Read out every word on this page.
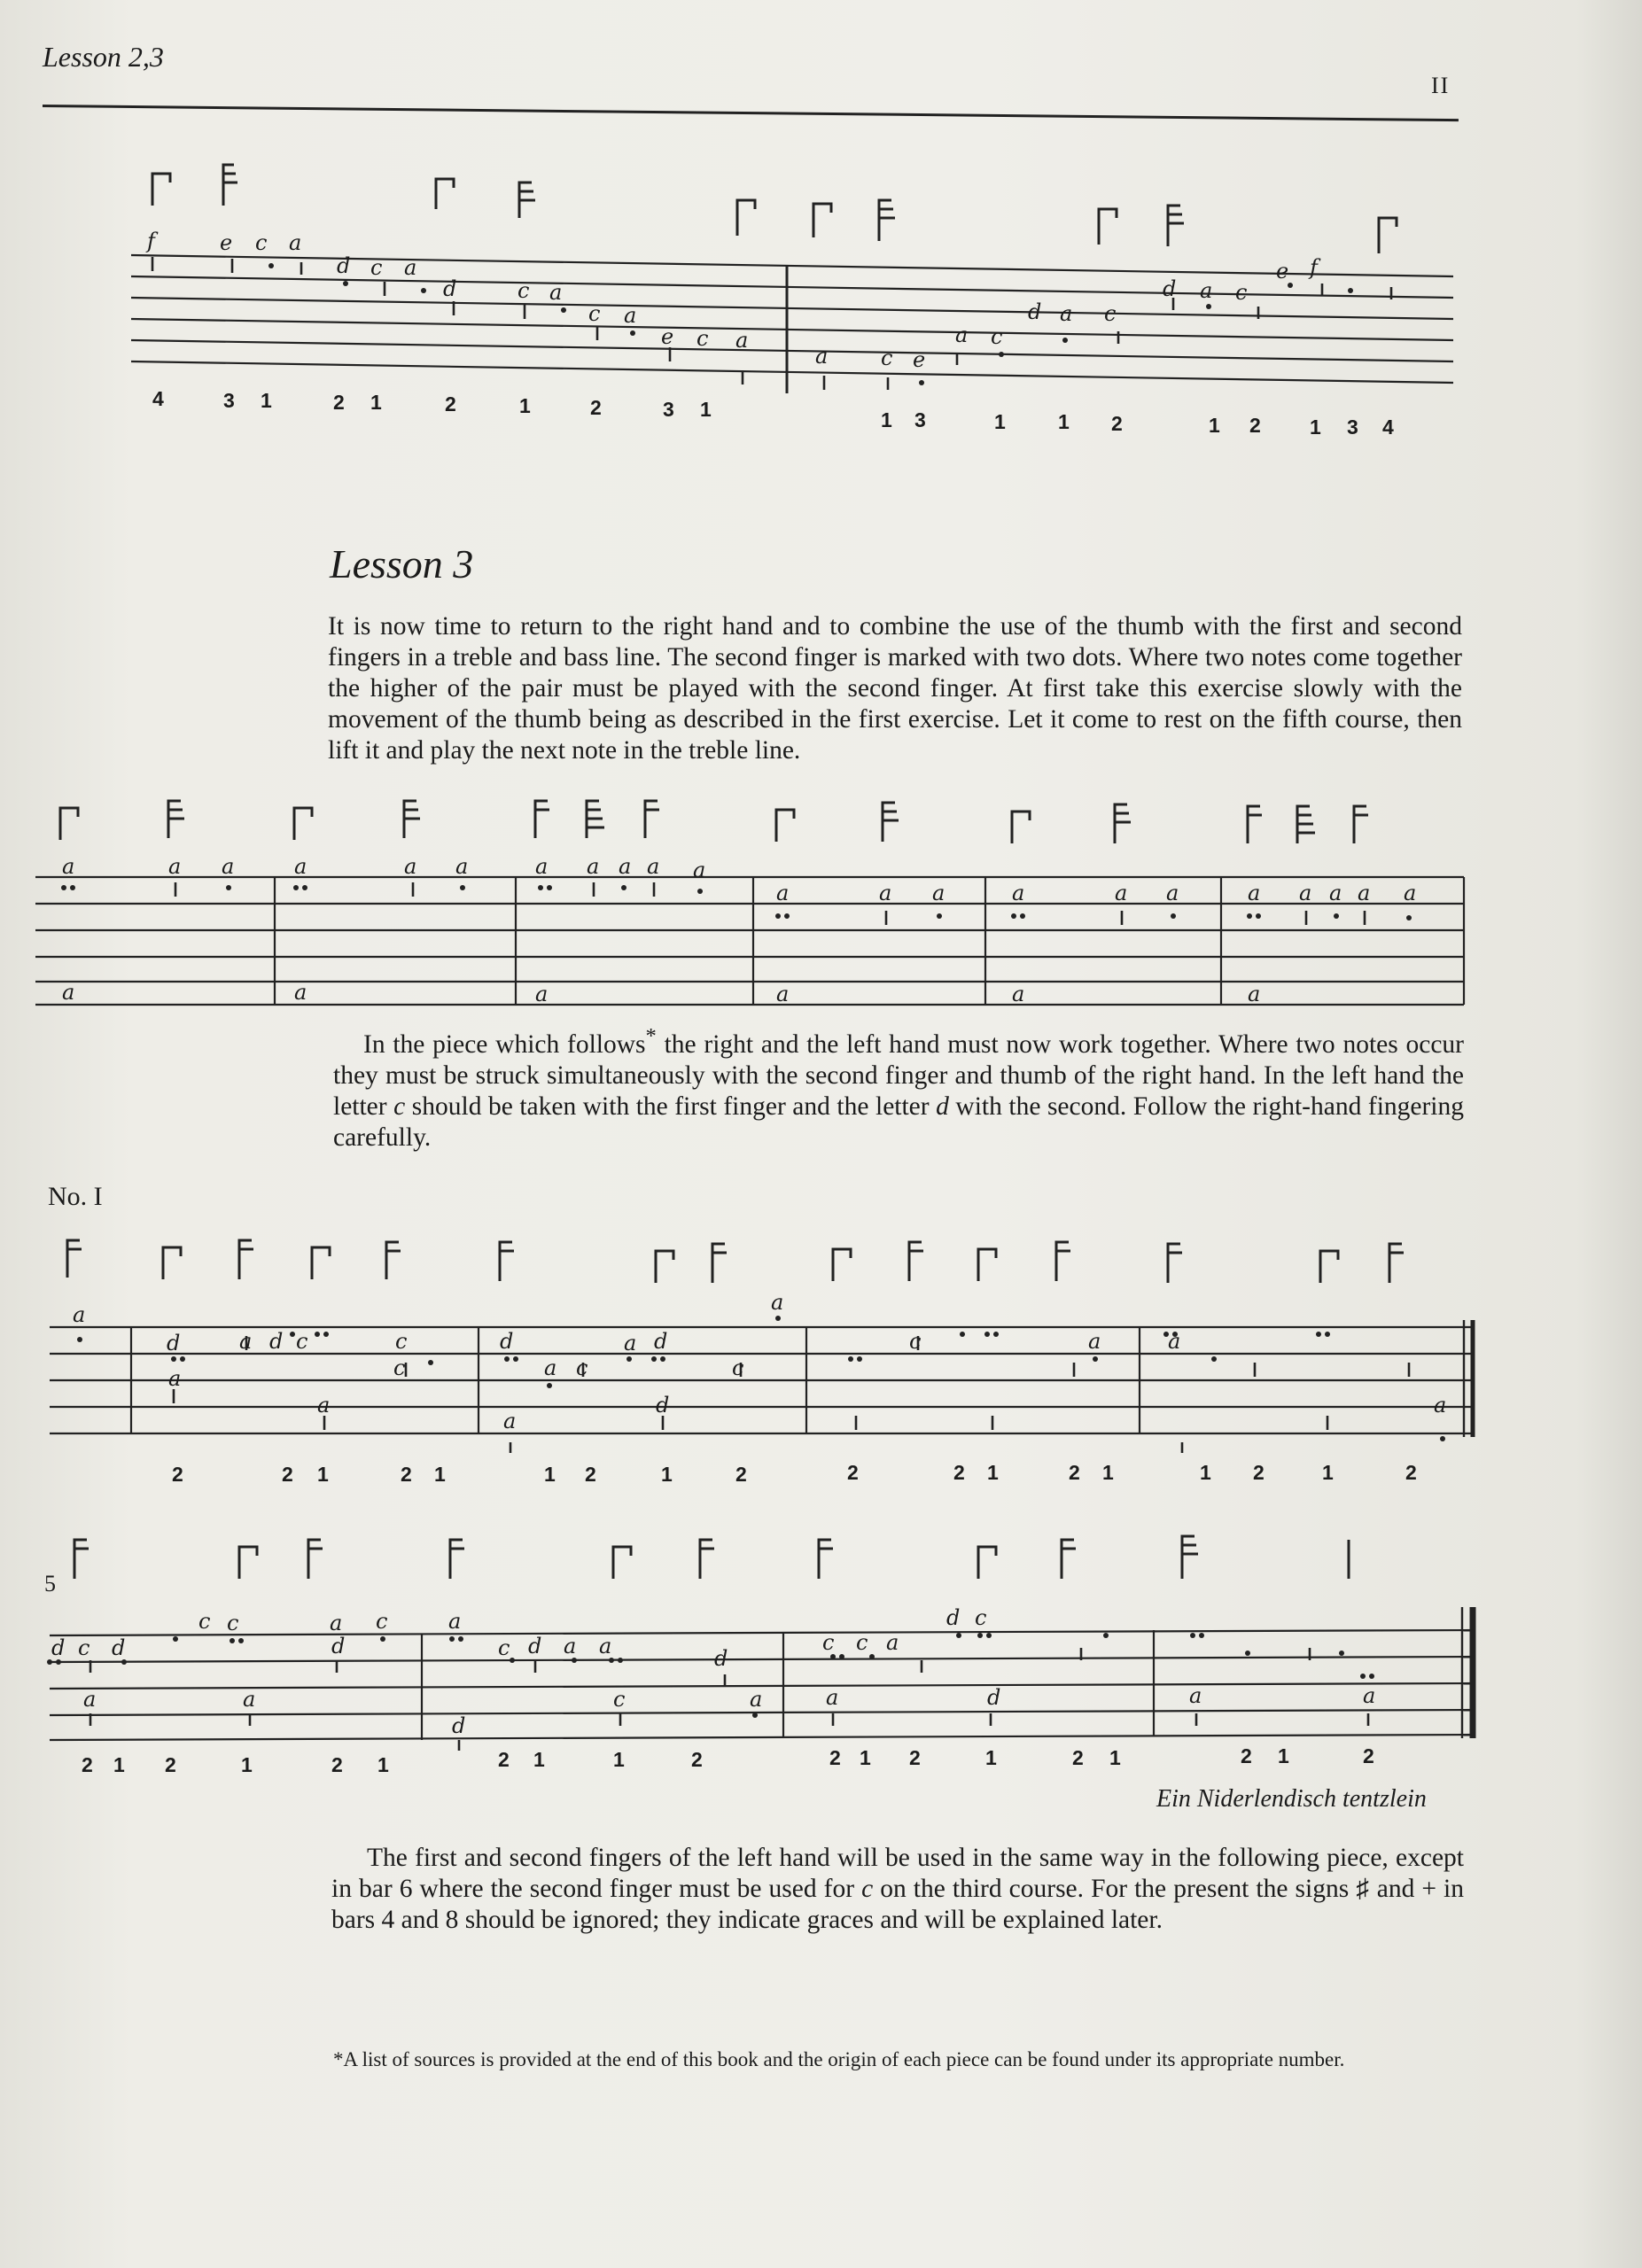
Lesson 2,3
II
f	e c a
d c a
d	c a
c a
e c a
a c e
a c
d a c
d a c
e f
4	3 1	2 1	2	1	2	3 1	1 3	1	1 2	1 2 1 3 4
a	a a	a	a a	a a a a a
a	a a	a	a a	a a a a a
a	a	a	a	a	a
a
d	a d c	c
a
a
c
d
a c
a d
a
d
c
a
c	a	a
a
2	2 1	2 1	1 2	1	2	2	2 1	2 1	1 2	1	2
d c d
a
c c
a
a
d
c	a
c d a a
d
c
d
a
c c a
d c
a	d	a	a
2 1 2	1	2 1	2 1	1	2	2 1 2	1	2 1	2 1	2
5
Lesson 3
It is now time to return to the right hand and to combine the use of the thumb with the first and second fingers in a treble and bass line. The second finger is marked with two dots. Where two notes come together the higher of the pair must be played with the second finger. At first take this exercise slowly with the movement of the thumb being as described in the first exercise. Let it come to rest on the fifth course, then lift it and play the next note in the treble line.
In the piece which follows* the right and the left hand must now work together. Where two notes occur they must be struck simultaneously with the second finger and thumb of the right hand. In the left hand the letter c should be taken with the first finger and the letter d with the second. Follow the right-hand fingering carefully.
No. I
Ein Niderlendisch tentzlein
The first and second fingers of the left hand will be used in the same way in the following piece, except in bar 6 where the second finger must be used for c on the third course. For the present the signs ♯ and + in bars 4 and 8 should be ignored; they indicate graces and will be explained later.
*A list of sources is provided at the end of this book and the origin of each piece can be found under its appropriate number.
